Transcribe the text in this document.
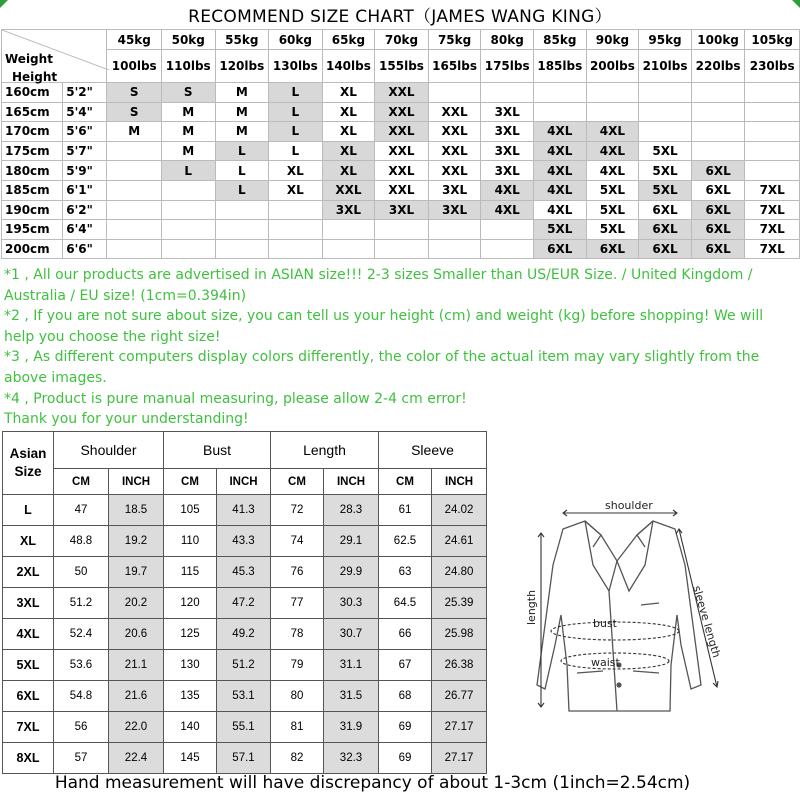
RECOMMEND SIZE CHART（JAMES WANG KING）
Weight
Height		45kg	50kg	55kg	60kg	65kg	70kg	75kg	80kg	85kg	90kg	95kg	100kg	105kg
		100lbs	110lbs	120lbs	130lbs	140lbs	155lbs	165lbs	175lbs	185lbs	200lbs	210lbs	220lbs	230lbs
160cm	5'2"	S	S	M	L	XL	XXL							
165cm	5'4"	S	M	M	L	XL	XXL	XXL	3XL					
170cm	5'6"	M	M	M	L	XL	XXL	XXL	3XL	4XL	4XL			
175cm	5'7"		M	L	L	XL	XXL	XXL	3XL	4XL	4XL	5XL		
180cm	5'9"		L	L	XL	XL	XXL	XXL	3XL	4XL	4XL	5XL	6XL	
185cm	6'1"			L	XL	XXL	XXL	3XL	4XL	4XL	5XL	5XL	6XL	7XL
190cm	6'2"					3XL	3XL	3XL	4XL	4XL	5XL	6XL	6XL	7XL
195cm	6'4"									5XL	5XL	6XL	6XL	7XL
200cm	6'6"									6XL	6XL	6XL	6XL	7XL
*1 , All our products are advertised in ASIAN size!!! 2-3 sizes Smaller than US/EUR Size. / United Kingdom / Australia / EU size! (1cm=0.394in)
*2 , If you are not sure about size, you can tell us your height (cm) and weight (kg) before shopping! We will help you choose the right size!
*3 , As different computers display colors differently, the color of the actual item may vary slightly from the above images.
*4 , Product is pure manual measuring, please allow 2-4 cm error!
Thank you for your understanding!
Asian Size	Shoulder		Bust		Length		Sleeve	
	CM	INCH	CM	INCH	CM	INCH	CM	INCH
L	47	18.5	105	41.3	72	28.3	61	24.02
XL	48.8	19.2	110	43.3	74	29.1	62.5	24.61
2XL	50	19.7	115	45.3	76	29.9	63	24.80
3XL	51.2	20.2	120	47.2	77	30.3	64.5	25.39
4XL	52.4	20.6	125	49.2	78	30.7	66	25.98
5XL	53.6	21.1	130	51.2	79	31.1	67	26.38
6XL	54.8	21.6	135	53.1	80	31.5	68	26.77
7XL	56	22.0	140	55.1	81	31.9	69	27.17
8XL	57	22.4	145	57.1	82	32.3	69	27.17
shoulder
length	bust
waist
sleeve length
Hand measurement will have discrepancy of about 1-3cm (1inch=2.54cm)
